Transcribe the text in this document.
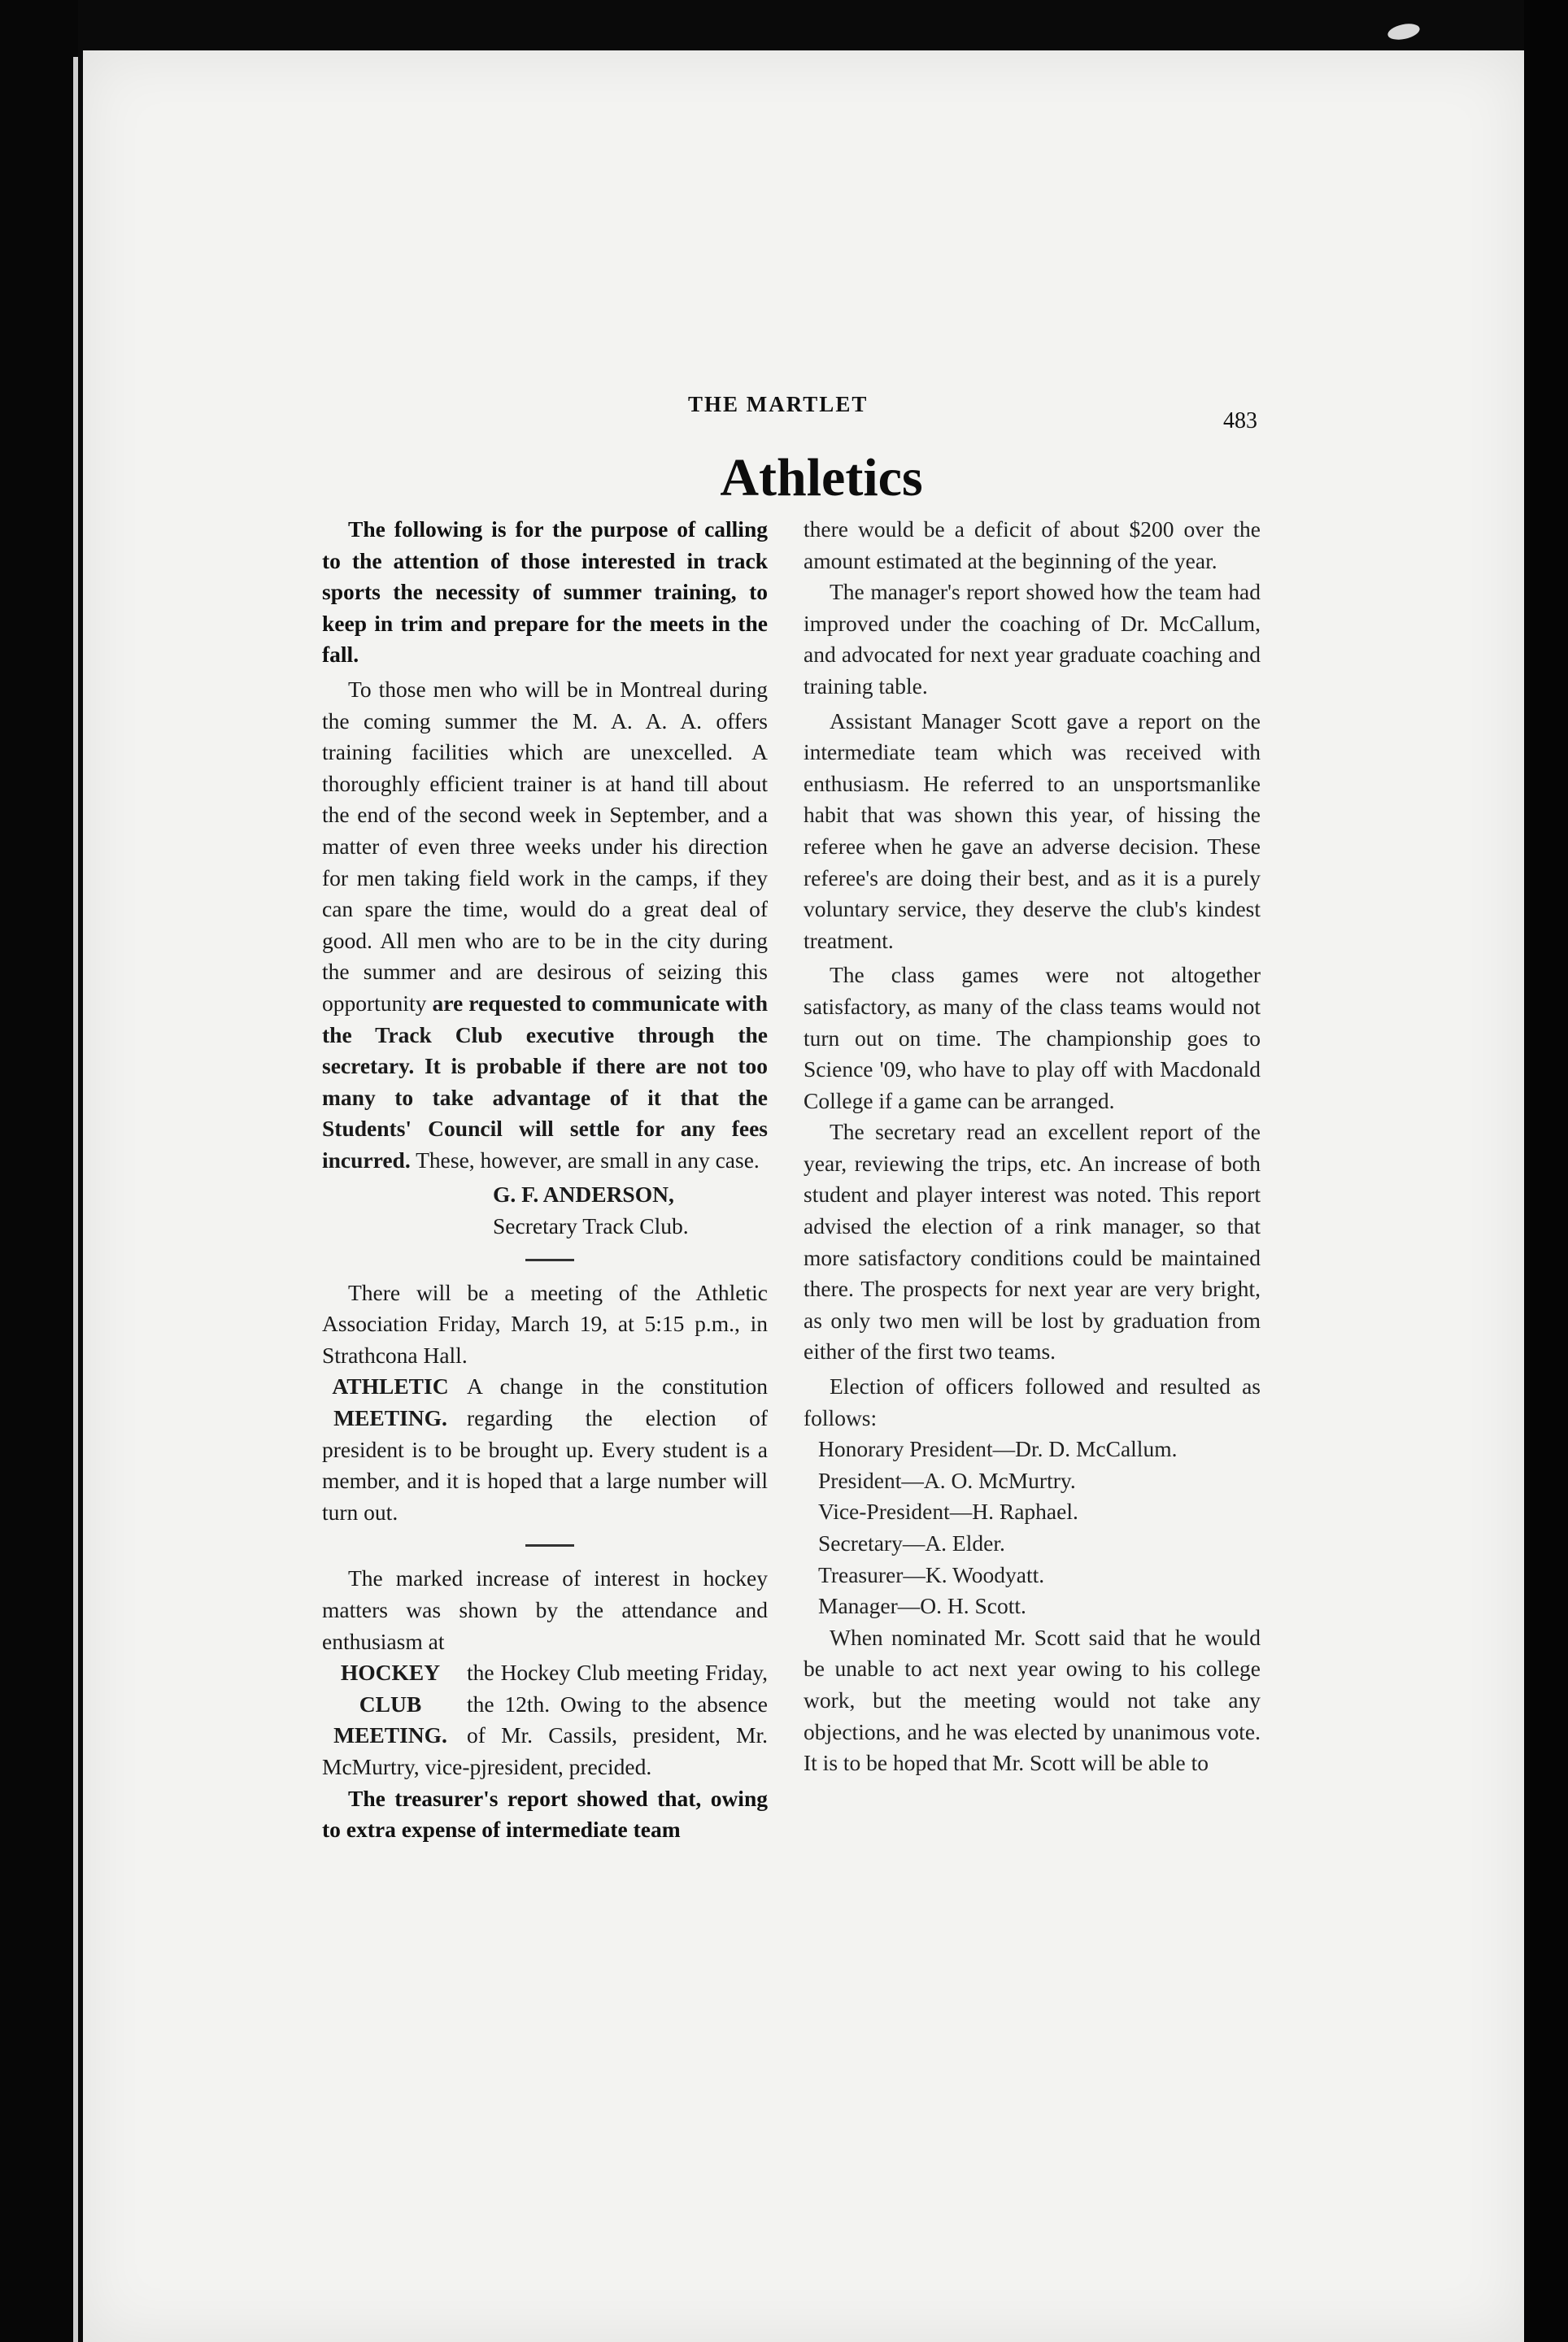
THE MARTLET
483
Athletics

The following is for the purpose of calling to the attention of those interested in track sports the necessity of summer training, to keep in trim and prepare for the meets in the fall.

To those men who will be in Montreal during the coming summer the M. A. A. A. offers training facilities which are unexcelled. A thoroughly efficient trainer is at hand till about the end of the second week in September, and a matter of even three weeks under his direction for men taking field work in the camps, if they can spare the time, would do a great deal of good. All men who are to be in the city during the summer and are desirous of seizing this opportunity are requested to communicate with the Track Club executive through the secretary. It is probable if there are not too many to take advantage of it that the Students' Council will settle for any fees incurred. These, however, are small in any case.

G. F. ANDERSON,

Secretary Track Club.

There will be a meeting of the Athletic Association Friday, March 19, at 5:15 p.m., in Strathcona Hall.

ATHLETIC
MEETING.

A change in the constitution regarding the election of president is to be brought up. Every student is a member, and it is hoped that a large number will turn out.

The marked increase of interest in hockey matters was shown by the attendance and enthusiasm at

HOCKEY
CLUB
MEETING.

the Hockey Club meeting Friday, the 12th. Owing to the absence of Mr. Cassils, president, Mr. McMurtry, vice-pjresident, precided.

The treasurer's report showed that, owing to extra expense of intermediate team

there would be a deficit of about $200 over the amount estimated at the beginning of the year.

The manager's report showed how the team had improved under the coaching of Dr. McCallum, and advocated for next year graduate coaching and training table.

Assistant Manager Scott gave a report on the intermediate team which was received with enthusiasm. He referred to an unsportsmanlike habit that was shown this year, of hissing the referee when he gave an adverse decision. These referee's are doing their best, and as it is a purely voluntary service, they deserve the club's kindest treatment.

The class games were not altogether satisfactory, as many of the class teams would not turn out on time. The championship goes to Science '09, who have to play off with Macdonald College if a game can be arranged.

The secretary read an excellent report of the year, reviewing the trips, etc. An increase of both student and player interest was noted. This report advised the election of a rink manager, so that more satisfactory conditions could be maintained there. The prospects for next year are very bright, as only two men will be lost by graduation from either of the first two teams.

Election of officers followed and resulted as follows:

Honorary President—Dr. D. McCallum.
President—A. O. McMurtry.
Vice-President—H. Raphael.
Secretary—A. Elder.
Treasurer—K. Woodyatt.
Manager—O. H. Scott.

When nominated Mr. Scott said that he would be unable to act next year owing to his college work, but the meeting would not take any objections, and he was elected by unanimous vote. It is to be hoped that Mr. Scott will be able to
